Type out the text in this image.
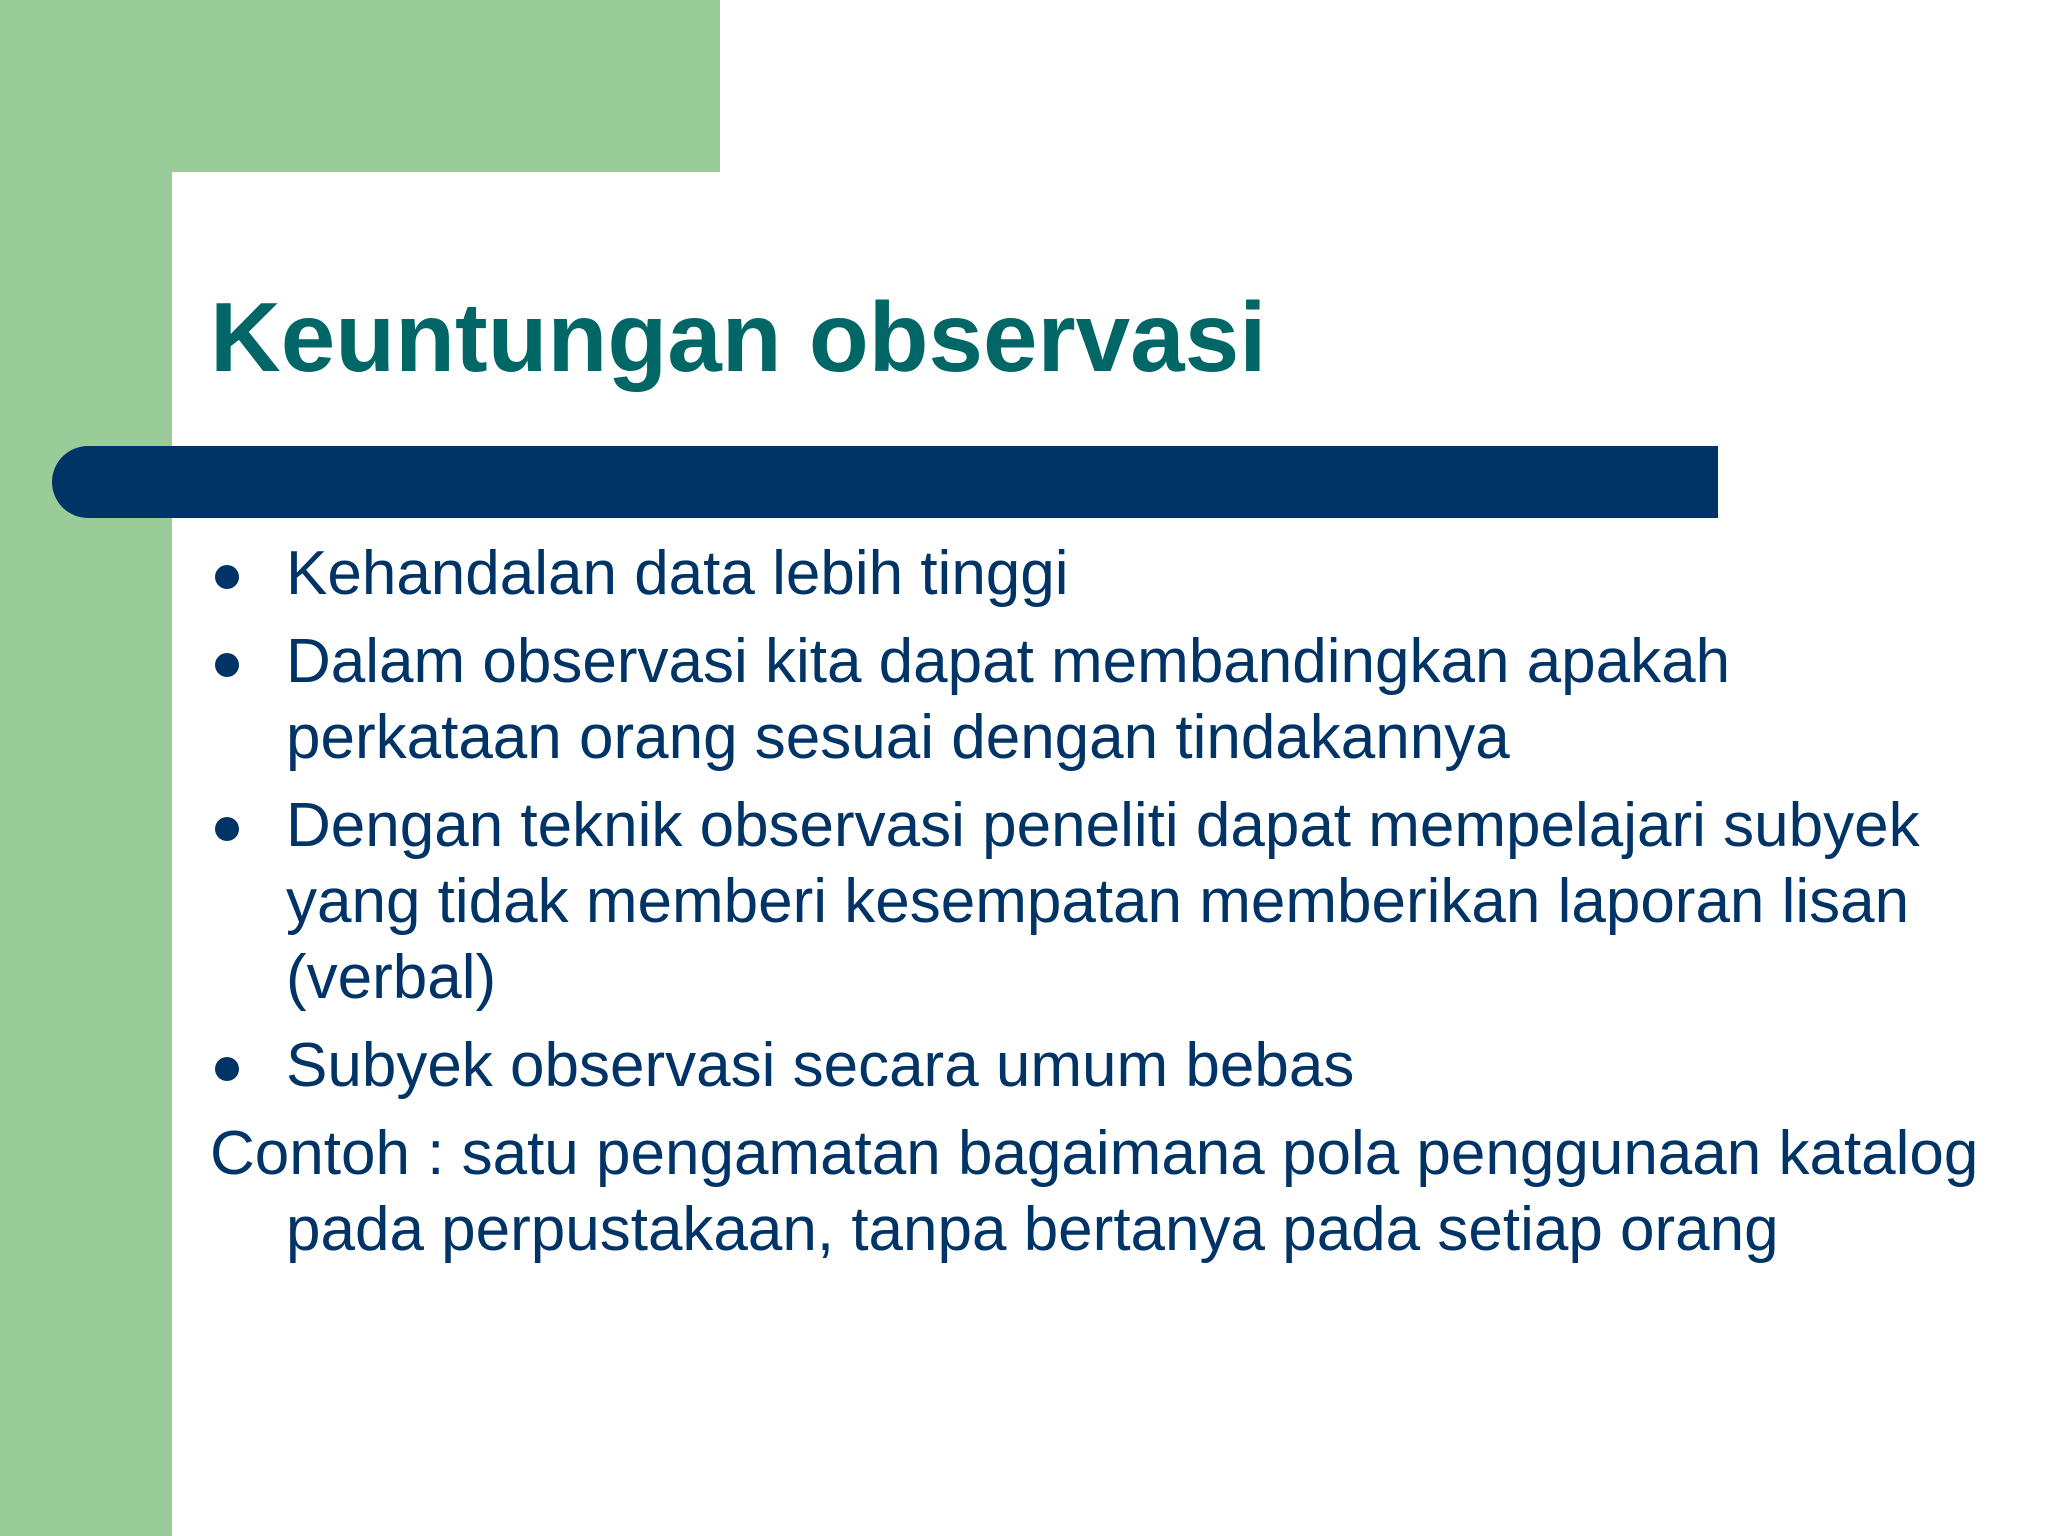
Keuntungan observasi
Kehandalan data lebih tinggi
Dalam observasi kita dapat membandingkan apakah perkataan orang sesuai dengan tindakannya
Dengan teknik observasi peneliti dapat mempelajari subyek yang tidak memberi kesempatan memberikan laporan lisan (verbal)
Subyek observasi secara umum bebas
Contoh : satu pengamatan bagaimana pola penggunaan katalog pada perpustakaan, tanpa bertanya pada setiap orang
